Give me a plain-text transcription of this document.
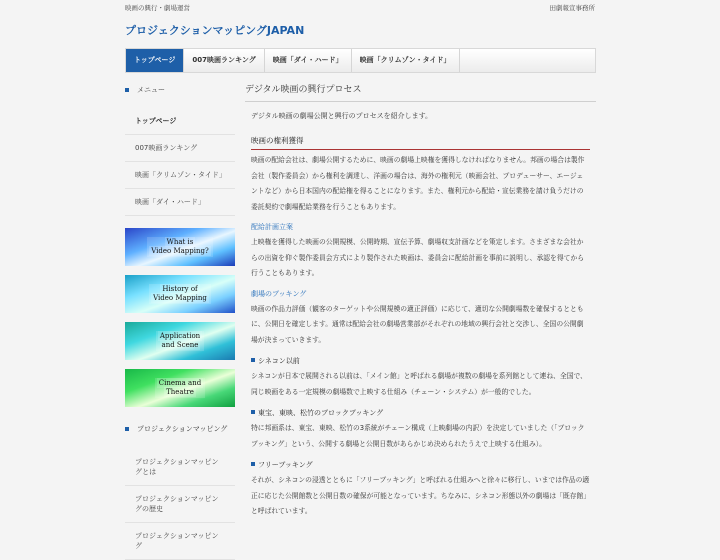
映画の興行・劇場運営	田劇報宣事務所
プロジェクションマッピングJAPAN
トップページ	007映画ランキング	映画「ダイ・ハード」	映画「クリムゾン・タイド」
メニュー
トップページ
007映画ランキング
映画「クリムゾン・タイド」
映画「ダイ・ハード」
What is
Video Mapping?
History of
Video Mapping
Application
and Scene
Cinema and
Theatre
プロジェクションマッピング
プロジェクションマッピングとは
プロジェクションマッピングの歴史
プロジェクションマッピング
デジタル映画の興行プロセス
デジタル映画の劇場公開と興行のプロセスを紹介します。
映画の権利獲得

映画の配給会社は、劇場公開するために、映画の劇場上映権を獲得しなければなりません。邦画の場合は製作会社（製作委員会）から権利を調達し、洋画の場合は、海外の権利元（映画会社、プロデューサー、エージェントなど）から日本国内の配給権を得ることになります。また、権利元から配給・宣伝業務を請け負うだけの委託契約で劇場配給業務を行うこともあります。

配給計画立案

上映権を獲得した映画の公開規模、公開時期、宣伝予算、劇場収支計画などを策定します。さまざまな会社からの出資を仰ぐ製作委員会方式により製作された映画は、委員会に配給計画を事前に説明し、承認を得てから行うこともあります。

劇場のブッキング

映画の作品力評価（観客のターゲットや公開規模の適正評価）に応じて、適切な公開劇場数を確保するとともに、公開日を確定します。通常は配給会社の劇場営業部がそれぞれの地域の興行会社と交渉し、全国の公開劇場が決まっていきます。

シネコン以前

シネコンが日本で展開される以前は、「メイン館」と呼ばれる劇場が複数の劇場を系列館として連ね、全国で、同じ映画をある一定規模の劇場数で上映する仕組み（チェーン・システム）が一般的でした。

東宝、東映、松竹のブロックブッキング

特に邦画系は、東宝、東映、松竹の3系統がチェーン構成（上映劇場の内訳）を決定していました（「ブロックブッキング」という、公開する劇場と公開日数があらかじめ決められたうえで上映する仕組み）。

フリーブッキング

それが、シネコンの浸透とともに「フリーブッキング」と呼ばれる仕組みへと徐々に移行し、いまでは作品の適正に応じた公開館数と公開日数の確保が可能となっています。ちなみに、シネコン形態以外の劇場は「既存館」と呼ばれています。
